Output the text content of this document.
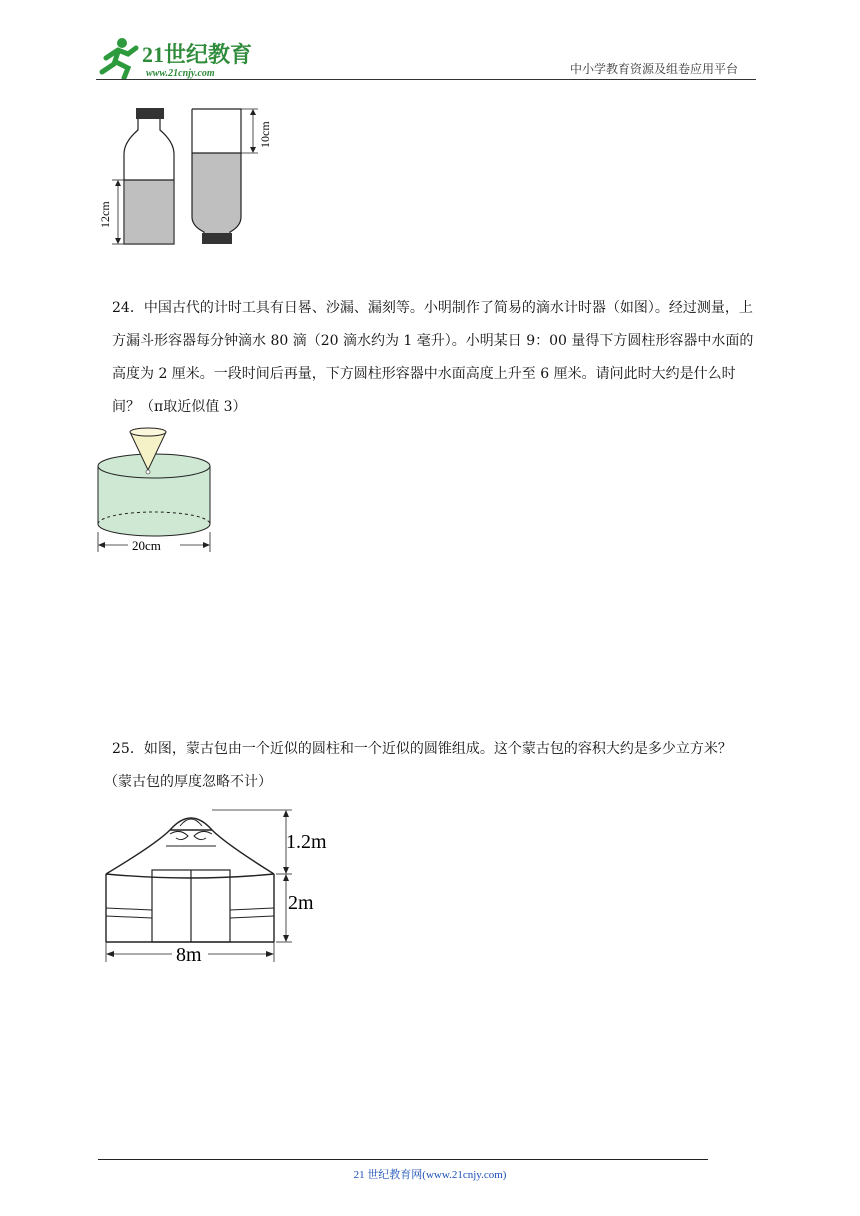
21世纪教育
www.21cnjy.com	中小学教育资源及组卷应用平台
12cm
10cm
24．中国古代的计时工具有日晷、沙漏、漏刻等。小明制作了简易的滴水计时器（如图）。经过测量，上方漏斗形容器每分钟滴水 80 滴（20 滴水约为 1 毫升）。小明某日 9：00 量得下方圆柱形容器中水面的高度为 2 厘米。一段时间后再量，下方圆柱形容器中水面高度上升至 6 厘米。请问此时大约是什么时间？（π取近似值 3）
20cm
25．如图，蒙古包由一个近似的圆柱和一个近似的圆锥组成。这个蒙古包的容积大约是多少立方米？
（蒙古包的厚度忽略不计）
1.2m
2m
8m
21 世纪教育网(www.21cnjy.com)
